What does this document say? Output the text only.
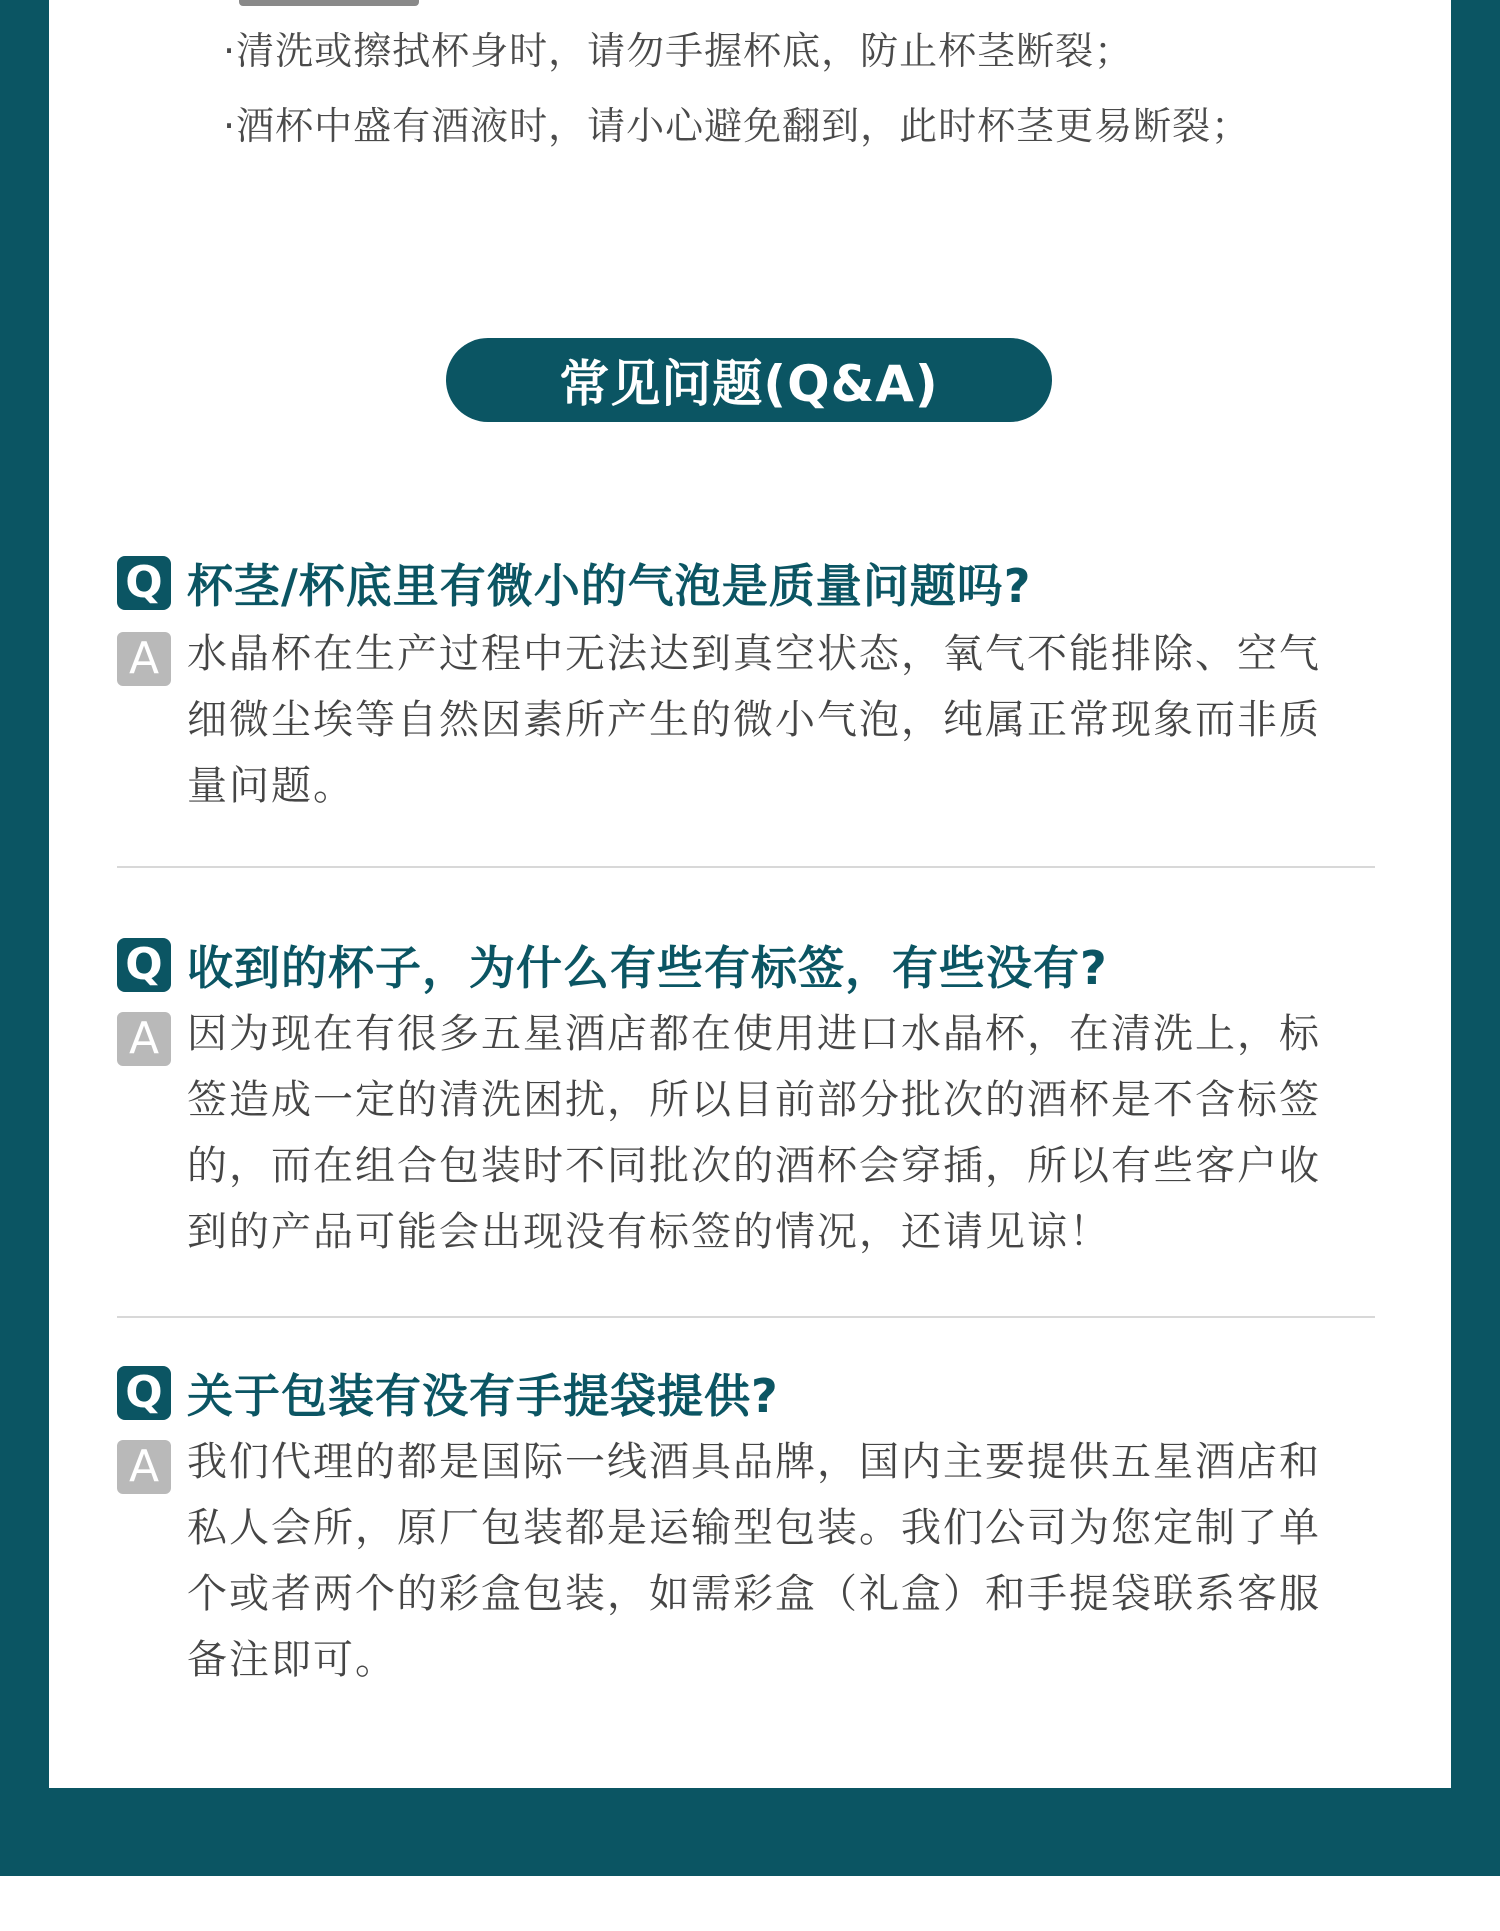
·清洗或擦拭杯身时，请勿手握杯底，防止杯茎断裂；
·酒杯中盛有酒液时，请小心避免翻到，此时杯茎更易断裂；
常见问题(Q&A)
Q 杯茎/杯底里有微小的气泡是质量问题吗?
A 水晶杯在生产过程中无法达到真空状态，氧气不能排除、空气
细微尘埃等自然因素所产生的微小气泡，纯属正常现象而非质
量问题。
Q 收到的杯子，为什么有些有标签，有些没有?
A 因为现在有很多五星酒店都在使用进口水晶杯，在清洗上，标
签造成一定的清洗困扰，所以目前部分批次的酒杯是不含标签
的，而在组合包装时不同批次的酒杯会穿插，所以有些客户收
到的产品可能会出现没有标签的情况，还请见谅！
Q 关于包装有没有手提袋提供?
A 我们代理的都是国际一线酒具品牌，国内主要提供五星酒店和
私人会所，原厂包装都是运输型包装。我们公司为您定制了单
个或者两个的彩盒包装，如需彩盒（礼盒）和手提袋联系客服
备注即可。
